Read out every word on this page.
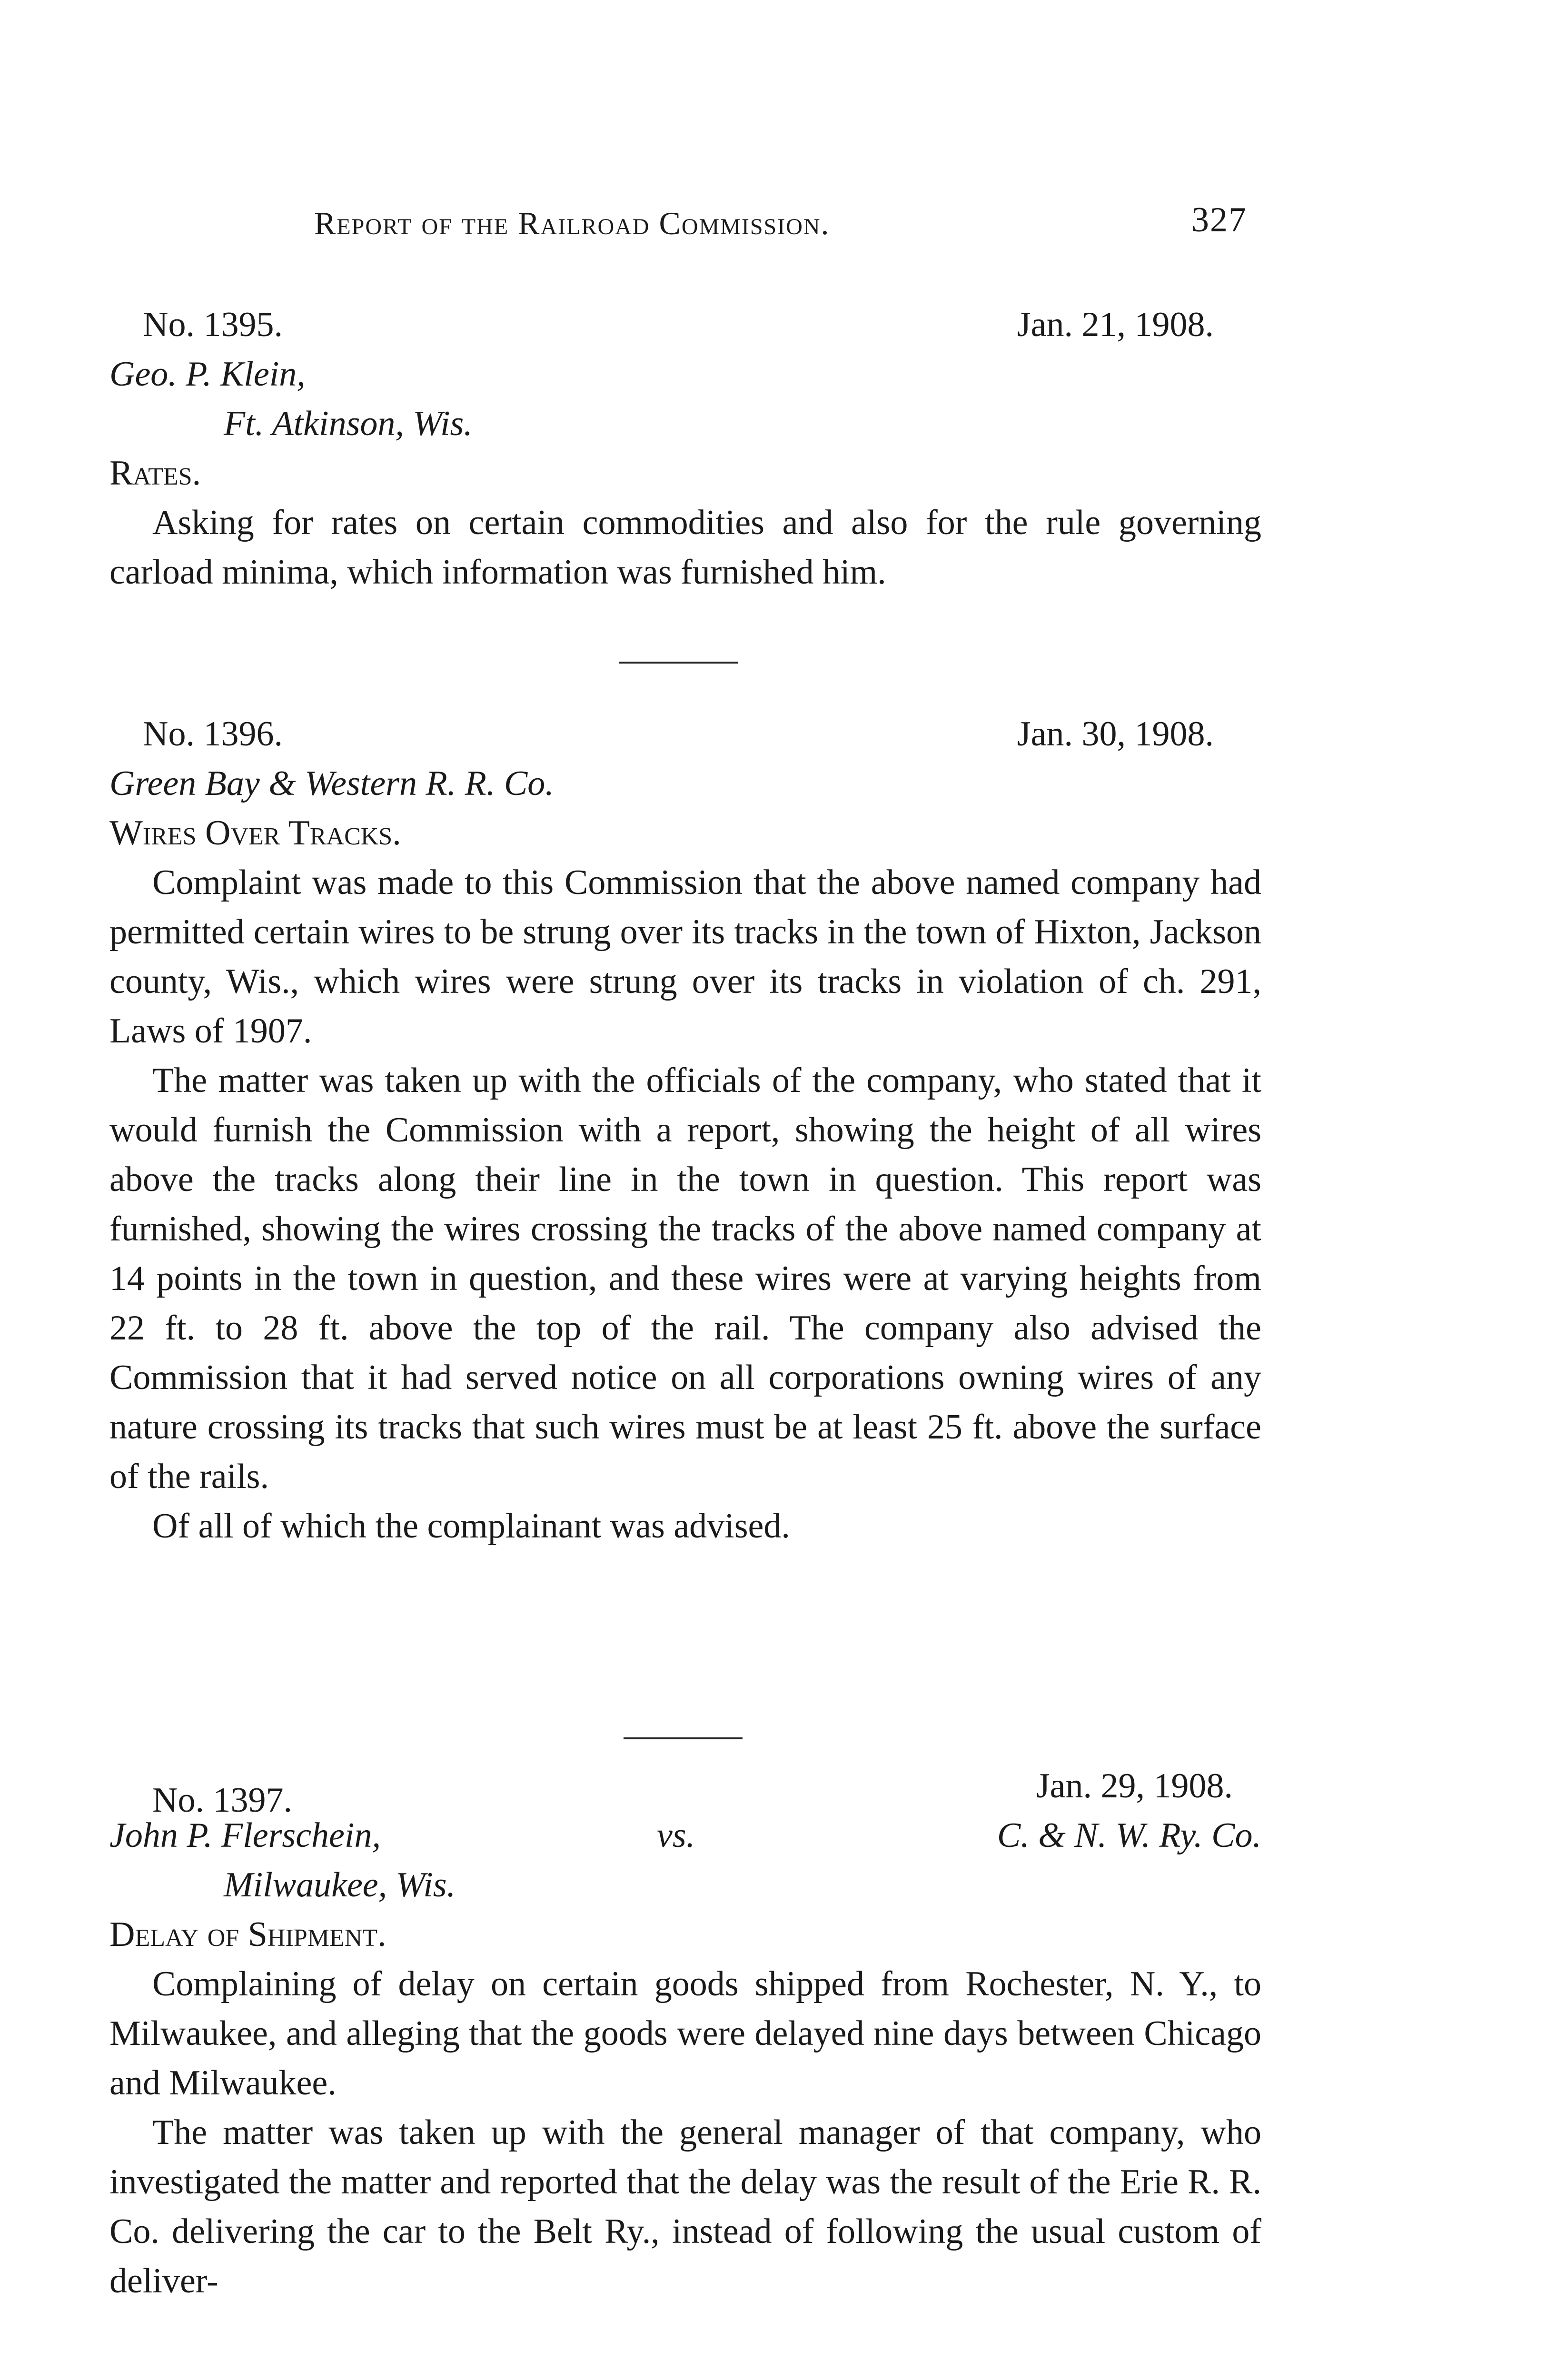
Report of the Railroad Commission.	327
No. 1395.	Jan. 21, 1908.
Geo. P. Klein,
Ft. Atkinson, Wis.
Rates.

Asking for rates on certain commodities and also for the rule governing carload minima, which information was furnished him.

No. 1396.	Jan. 30, 1908.
Green Bay & Western R. R. Co.
Wires Over Tracks.

Complaint was made to this Commission that the above named company had permitted certain wires to be strung over its tracks in the town of Hixton, Jackson county, Wis., which wires were strung over its tracks in violation of ch. 291, Laws of 1907.

The matter was taken up with the officials of the company, who stated that it would furnish the Commission with a report, showing the height of all wires above the tracks along their line in the town in question. This report was furnished, showing the wires crossing the tracks of the above named company at 14 points in the town in question, and these wires were at varying heights from 22 ft. to 28 ft. above the top of the rail. The company also advised the Commission that it had served notice on all corporations owning wires of any nature crossing its tracks that such wires must be at least 25 ft. above the surface of the rails.

Of all of which the complainant was advised.

No. 1397.	Jan. 29, 1908.
John P. Flerschein,	vs.	C. & N. W. Ry. Co.
Milwaukee, Wis.
Delay of Shipment.

Complaining of delay on certain goods shipped from Rochester, N. Y., to Milwaukee, and alleging that the goods were delayed nine days between Chicago and Milwaukee.

The matter was taken up with the general manager of that company, who investigated the matter and reported that the delay was the result of the Erie R. R. Co. delivering the car to the Belt Ry., instead of following the usual custom of deliver-
